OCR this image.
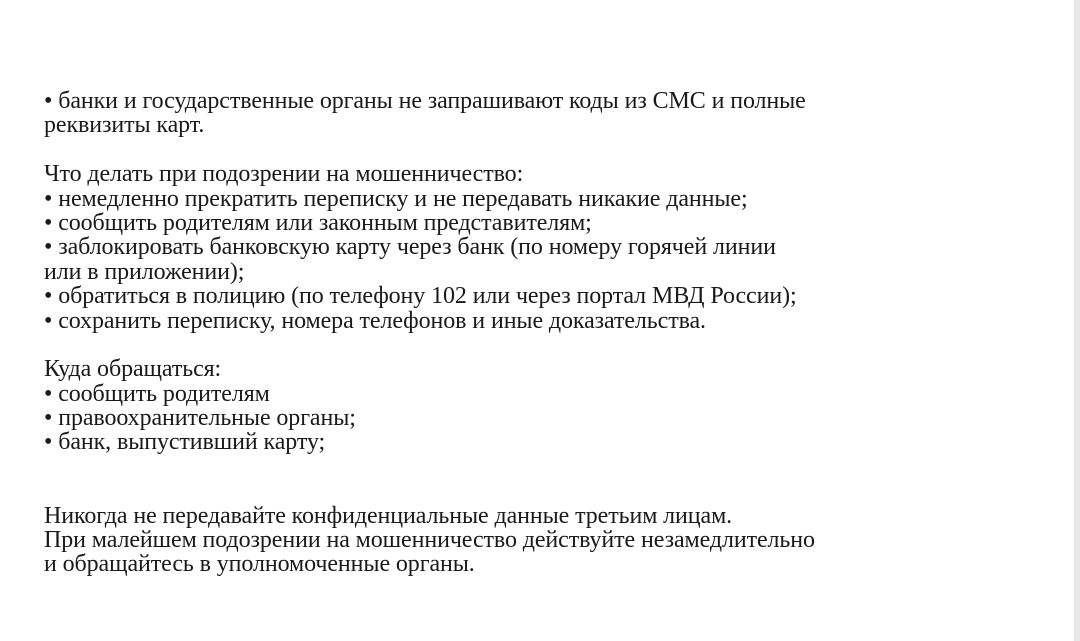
• банки и государственные органы не запрашивают коды из СМС и полные
реквизиты карт.
Что делать при подозрении на мошенничество:
• немедленно прекратить переписку и не передавать никакие данные;
• сообщить родителям или законным представителям;
• заблокировать банковскую карту через банк (по номеру горячей линии
или в приложении);
• обратиться в полицию (по телефону 102 или через портал МВД России);
• сохранить переписку, номера телефонов и иные доказательства.
Куда обращаться:
• сообщить родителям
• правоохранительные органы;
• банк, выпустивший карту;
Никогда не передавайте конфиденциальные данные третьим лицам.
При малейшем подозрении на мошенничество действуйте незамедлительно
и обращайтесь в уполномоченные органы.
